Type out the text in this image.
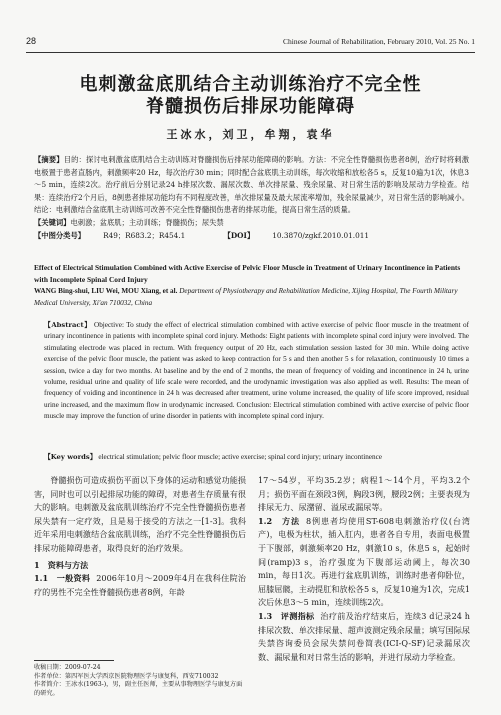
28	Chinese Journal of Rehabilitation, February 2010, Vol. 25 No. 1
电刺激盆底肌结合主动训练治疗不完全性
脊髓损伤后排尿功能障碍
王冰水，刘卫，牟翔，袁华
【摘要】目的：探讨电刺激盆底肌结合主动训练对脊髓损伤后排尿功能障碍的影响。方法：不完全性脊髓损伤患者8例，治疗时将刺激电极置于患者直肠内，刺激频率20 Hz，每次治疗30 min；同时配合盆底肌主动训练，每次收缩和放松各5 s，反复10遍为1次，休息3～5 min，连续2次。治疗前后分别记录24 h排尿次数、漏尿次数、单次排尿量、残余尿量、对日常生活的影响及尿动力学检查。结果：连续治疗2个月后，8例患者排尿功能均有不同程度改善，单次排尿量及最大尿流率增加，残余尿量减少，对日常生活的影响减小。结论：电刺激结合盆底肌主动训练可改善不完全性脊髓损伤患者的排尿功能，提高日常生活的质量。
【关键词】电刺激；盆底肌；主动训练；脊髓损伤；尿失禁
【中图分类号】 R49；R683.2；R454.1	【DOI】 10.3870/zgkf.2010.01.011
Effect of Electrical Stimulation Combined with Active Exercise of Pelvic Floor Muscle in Treatment of Urinary Incontinence in Patients with Incomplete Spinal Cord Injury
WANG Bing-shui, LIU Wei, MOU Xiang, et al. Department of Physiotherapy and Rehabilitation Medicine, Xijing Hospital, The Fourth Military Medical University, Xi'an 710032, China
【Abstract】 Objective: To study the effect of electrical stimulation combined with active exercise of pelvic floor muscle in the treatment of urinary incontinence in patients with incomplete spinal cord injury. Methods: Eight patients with incomplete spinal cord injury were involved. The stimulating electrode was placed in rectum. With frequency output of 20 Hz, each stimulation session lasted for 30 min. While doing active exercise of the pelvic floor muscle, the patient was asked to keep contraction for 5 s and then another 5 s for relaxation, continuously 10 times a session, twice a day for two months. At baseline and by the end of 2 months, the mean of frequency of voiding and incontinence in 24 h, urine volume, residual urine and quality of life scale were recorded, and the urodynamic investigation was also applied as well. Results: The mean of frequency of voiding and incontinence in 24 h was decreased after treatment, urine volume increased, the quality of life score improved, residual urine increased, and the maximum flow in urodynamic increased. Conclusion: Electrical stimulation combined with active exercise of pelvic floor muscle may improve the function of urine disorder in patients with incomplete spinal cord injury.
【Key words】 electrical stimulation; pelvic floor muscle; active exercise; spinal cord injury; urinary incontinence

脊髓损伤可造成损伤平面以下身体的运动和感觉功能损害，同时也可以引起排尿功能的障碍，对患者生存质量有很大的影响。电刺激及盆底肌训练治疗不完全性脊髓损伤患者尿失禁有一定疗效，且是易于接受的方法之一[1-3]。我科近年采用电刺激结合盆底肌训练，治疗不完全性脊髓损伤后排尿功能障碍患者，取得良好的治疗效果。

1　资料与方法

1.1　一般资料 2006年10月～2009年4月在我科住院治疗的男性不完全性脊髓损伤患者8例，年龄

17～54岁，平均35.2岁；病程1～14个月，平均3.2个月；损伤平面在颈段3例，胸段3例，腰段2例；主要表现为排尿无力、尿潴留、溢尿或漏尿等。

1.2　方法 8例患者均使用ST-608电刺激治疗仪(台湾产)，电极为柱状，插入肛内，患者各自专用，表面电极置于下腹部，刺激频率20 Hz，刺激10 s，休息5 s，起始时间(ramp)3 s，治疗强度为下腹部运动阈上，每次30 min，每日1次。再进行盆底肌训练，训练时患者仰卧位，屈膝屈髋，主动提肛和放松各5 s，反复10遍为1次，完成1次后休息3～5 min，连续训练2次。

1.3　评测指标 治疗前及治疗结束后，连续3 d记录24 h排尿次数、单次排尿量、超声波测定残余尿量；填写国际尿失禁咨询委员会尿失禁问卷简表(ICI-Q-SF)记录漏尿次数、漏尿量和对日常生活的影响，并进行尿动力学检查。

收稿日期：2009-07-24
作者单位：第四军医大学西京医院物理医学与康复科，西安710032
作者简介：王冰水(1963-)，男，副主任医师，主要从事物理医学与康复方面的研究。
